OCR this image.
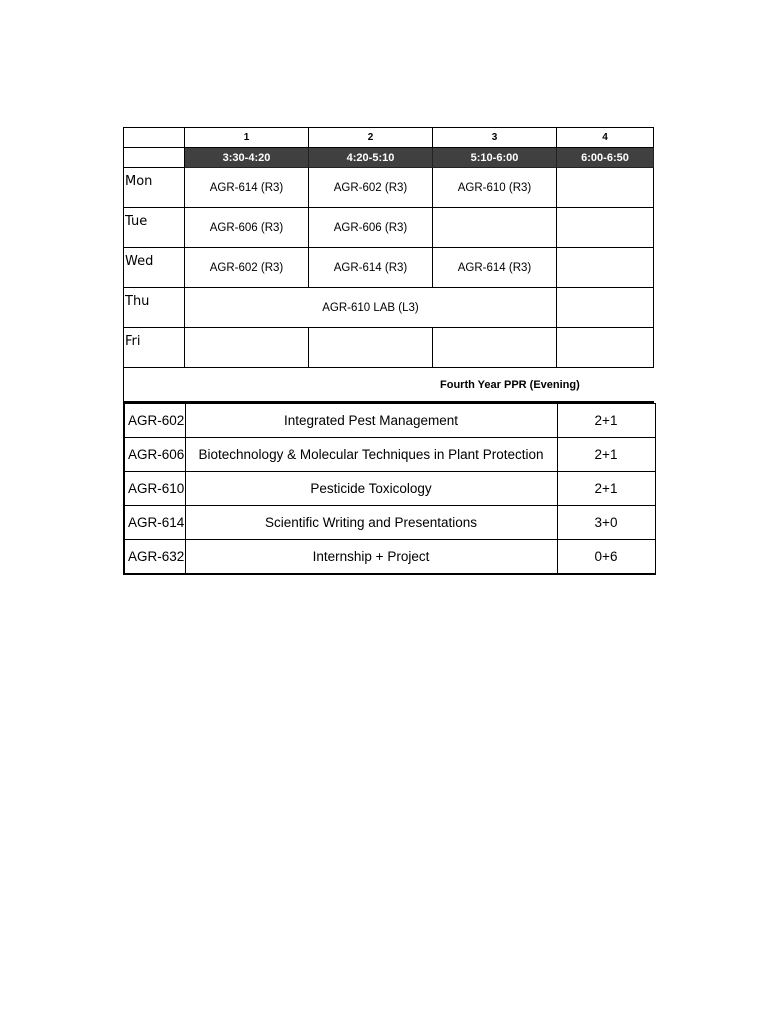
	1	2	3	4
	3:30-4:20	4:20-5:10	5:10-6:00	6:00-6:50
Mon	AGR-614 (R3)	AGR-602 (R3)	AGR-610 (R3)	
Tue	AGR-606 (R3)	AGR-606 (R3)		
Wed	AGR-602 (R3)	AGR-614 (R3)	AGR-614 (R3)	
Thu	AGR-610 LAB (L3)			
Fri				
Fourth Year PPR (Evening)				
AGR-602	Integrated Pest Management	2+1
AGR-606	Biotechnology & Molecular Techniques in Plant Protection	2+1
AGR-610	Pesticide Toxicology	2+1
AGR-614	Scientific Writing and Presentations	3+0
AGR-632	Internship + Project	0+6
